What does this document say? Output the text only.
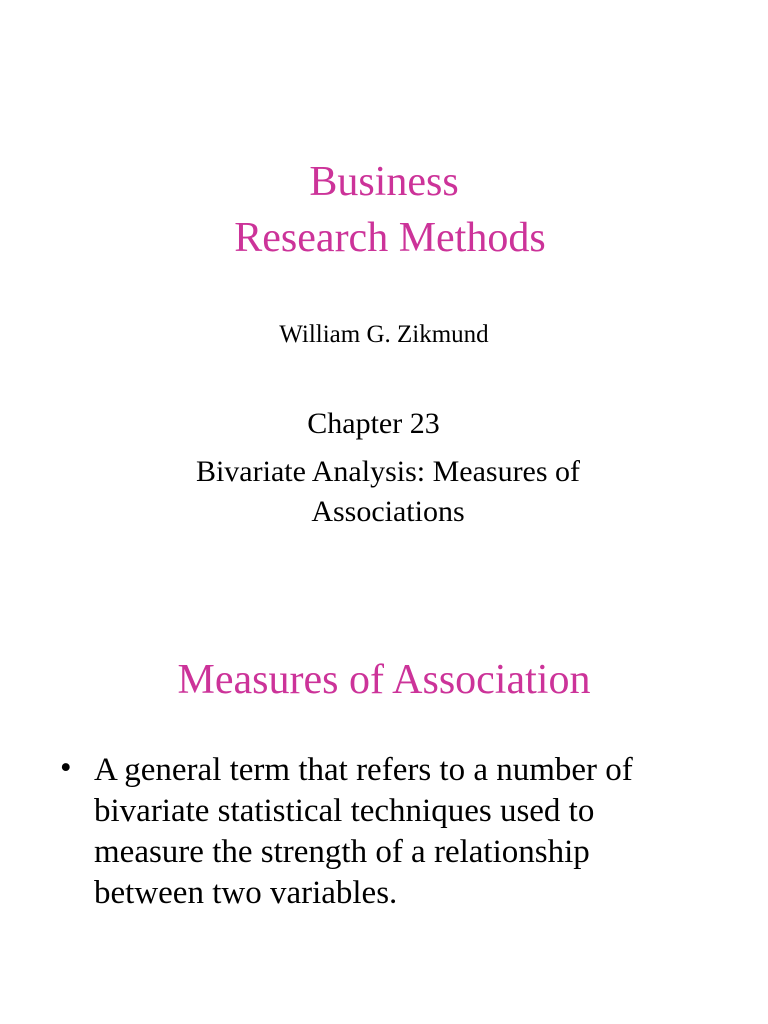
Business
Research Methods
William G. Zikmund
Chapter 23
Bivariate Analysis: Measures of Associations
Measures of Association
• A general term that refers to a number of bivariate statistical techniques used to measure the strength of a relationship between two variables.
